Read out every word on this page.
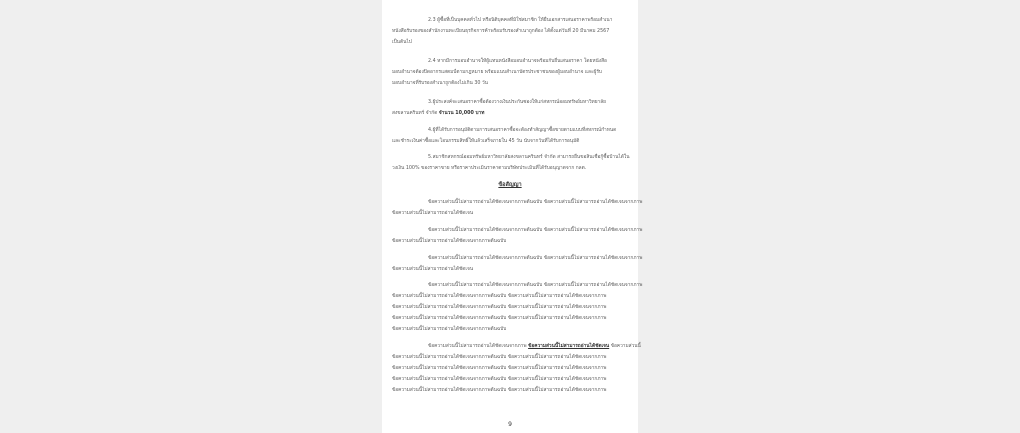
2.3 ผู้ซื้อที่เป็นบุคคลทั่วไป หรือนิติบุคคลที่มิใช่สมาชิก ให้ยื่นเอกสารเสนอราคาพร้อมสำเนา
หนังสือรับรองของสำนักงานทะเบียนธุรกิจการค้าพร้อมรับรองสำเนาถูกต้อง ได้ตั้งแต่วันที่ 20 มีนาคม 2567
เป็นต้นไป
2.4 หากมีการมอบอำนาจให้ผู้แทนหนังสือมอบอำนาจพร้อมกับยื่นเสนอราคา โดยหนังสือ
มอบอำนาจต้องปิดอากรแสตมป์ตามกฎหมาย พร้อมแนบสำเนาบัตรประชาชนของผู้มอบอำนาจ และผู้รับ
มอบอำนาจที่รับรองสำเนาถูกต้องไม่เกิน 30 วัน
3.ผู้ประสงค์จะเสนอราคาซื้อต้องวางเงินประกันซองให้แก่สหกรณ์ออมทรัพย์มหาวิทยาลัย
สงขลานครินทร์ จำกัด จำนวน 10,000 บาท
4.ผู้ที่ได้รับการอนุมัติตามการเสนอราคาซื้อจะต้องทำสัญญาซื้อขายตามแบบที่สหกรณ์กำหนด
และชำระเงินค่าซื้อและโอนกรรมสิทธิ์ให้แล้วเสร็จภายใน 45 วัน นับจากวันที่ได้รับการอนุมัติ
5.สมาชิกสหกรณ์ออมทรัพย์มหาวิทยาลัยสงขลานครินทร์ จำกัด สามารถยื่นขอสินเชื่อกู้ซื้อบ้านได้ใน
วงเงิน 100% ของราคาขาย หรือราคาประเมินราคาตามบริษัทประเมินที่ได้รับอนุญาตจาก กลต.
ข้อสัญญา
ข้อความส่วนนี้ไม่สามารถอ่านได้ชัดเจนจากภาพต้นฉบับ ข้อความส่วนนี้ไม่สามารถอ่านได้ชัดเจนจากภาพ
ข้อความส่วนนี้ไม่สามารถอ่านได้ชัดเจน
ข้อความส่วนนี้ไม่สามารถอ่านได้ชัดเจนจากภาพต้นฉบับ ข้อความส่วนนี้ไม่สามารถอ่านได้ชัดเจนจากภาพ
ข้อความส่วนนี้ไม่สามารถอ่านได้ชัดเจนจากภาพต้นฉบับ
ข้อความส่วนนี้ไม่สามารถอ่านได้ชัดเจนจากภาพต้นฉบับ ข้อความส่วนนี้ไม่สามารถอ่านได้ชัดเจนจากภาพ
ข้อความส่วนนี้ไม่สามารถอ่านได้ชัดเจน
ข้อความส่วนนี้ไม่สามารถอ่านได้ชัดเจนจากภาพต้นฉบับ ข้อความส่วนนี้ไม่สามารถอ่านได้ชัดเจนจากภาพ
ข้อความส่วนนี้ไม่สามารถอ่านได้ชัดเจนจากภาพต้นฉบับ ข้อความส่วนนี้ไม่สามารถอ่านได้ชัดเจนจากภาพ
ข้อความส่วนนี้ไม่สามารถอ่านได้ชัดเจนจากภาพต้นฉบับ ข้อความส่วนนี้ไม่สามารถอ่านได้ชัดเจนจากภาพ
ข้อความส่วนนี้ไม่สามารถอ่านได้ชัดเจนจากภาพต้นฉบับ ข้อความส่วนนี้ไม่สามารถอ่านได้ชัดเจนจากภาพ
ข้อความส่วนนี้ไม่สามารถอ่านได้ชัดเจนจากภาพต้นฉบับ
ข้อความส่วนนี้ไม่สามารถอ่านได้ชัดเจนจากภาพ ข้อความส่วนนี้ไม่สามารถอ่านได้ชัดเจน ข้อความส่วนนี้
ข้อความส่วนนี้ไม่สามารถอ่านได้ชัดเจนจากภาพต้นฉบับ ข้อความส่วนนี้ไม่สามารถอ่านได้ชัดเจนจากภาพ
ข้อความส่วนนี้ไม่สามารถอ่านได้ชัดเจนจากภาพต้นฉบับ ข้อความส่วนนี้ไม่สามารถอ่านได้ชัดเจนจากภาพ
ข้อความส่วนนี้ไม่สามารถอ่านได้ชัดเจนจากภาพต้นฉบับ ข้อความส่วนนี้ไม่สามารถอ่านได้ชัดเจนจากภาพ
ข้อความส่วนนี้ไม่สามารถอ่านได้ชัดเจนจากภาพต้นฉบับ ข้อความส่วนนี้ไม่สามารถอ่านได้ชัดเจนจากภาพ
9
